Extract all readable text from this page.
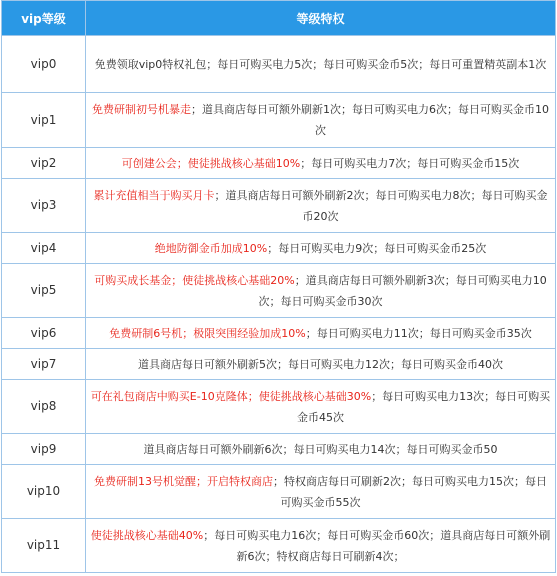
vip等级	等级特权
vip0	免费领取vip0特权礼包；每日可购买电力5次；每日可购买金币5次；每日可重置精英副本1次
vip1	免费研制初号机暴走；道具商店每日可额外刷新1次；每日可购买电力6次；每日可购买金币10次
vip2	可创建公会；使徒挑战核心基础10%；每日可购买电力7次；每日可购买金币15次
vip3	累计充值相当于购买月卡；道具商店每日可额外刷新2次；每日可购买电力8次；每日可购买金币20次
vip4	绝地防御金币加成10%；每日可购买电力9次；每日可购买金币25次
vip5	可购买成长基金；使徒挑战核心基础20%；道具商店每日可额外刷新3次；每日可购买电力10次；每日可购买金币30次
vip6	免费研制6号机；极限突围经验加成10%；每日可购买电力11次；每日可购买金币35次
vip7	道具商店每日可额外刷新5次；每日可购买电力12次；每日可购买金币40次
vip8	可在礼包商店中购买E-10克隆体；使徒挑战核心基础30%；每日可购买电力13次；每日可购买金币45次
vip9	道具商店每日可额外刷新6次；每日可购买电力14次；每日可购买金币50
vip10	免费研制13号机觉醒；开启特权商店；特权商店每日可刷新2次；每日可购买电力15次；每日可购买金币55次
vip11	使徒挑战核心基础40%；每日可购买电力16次；每日可购买金币60次；道具商店每日可额外刷新6次；特权商店每日可刷新4次；
